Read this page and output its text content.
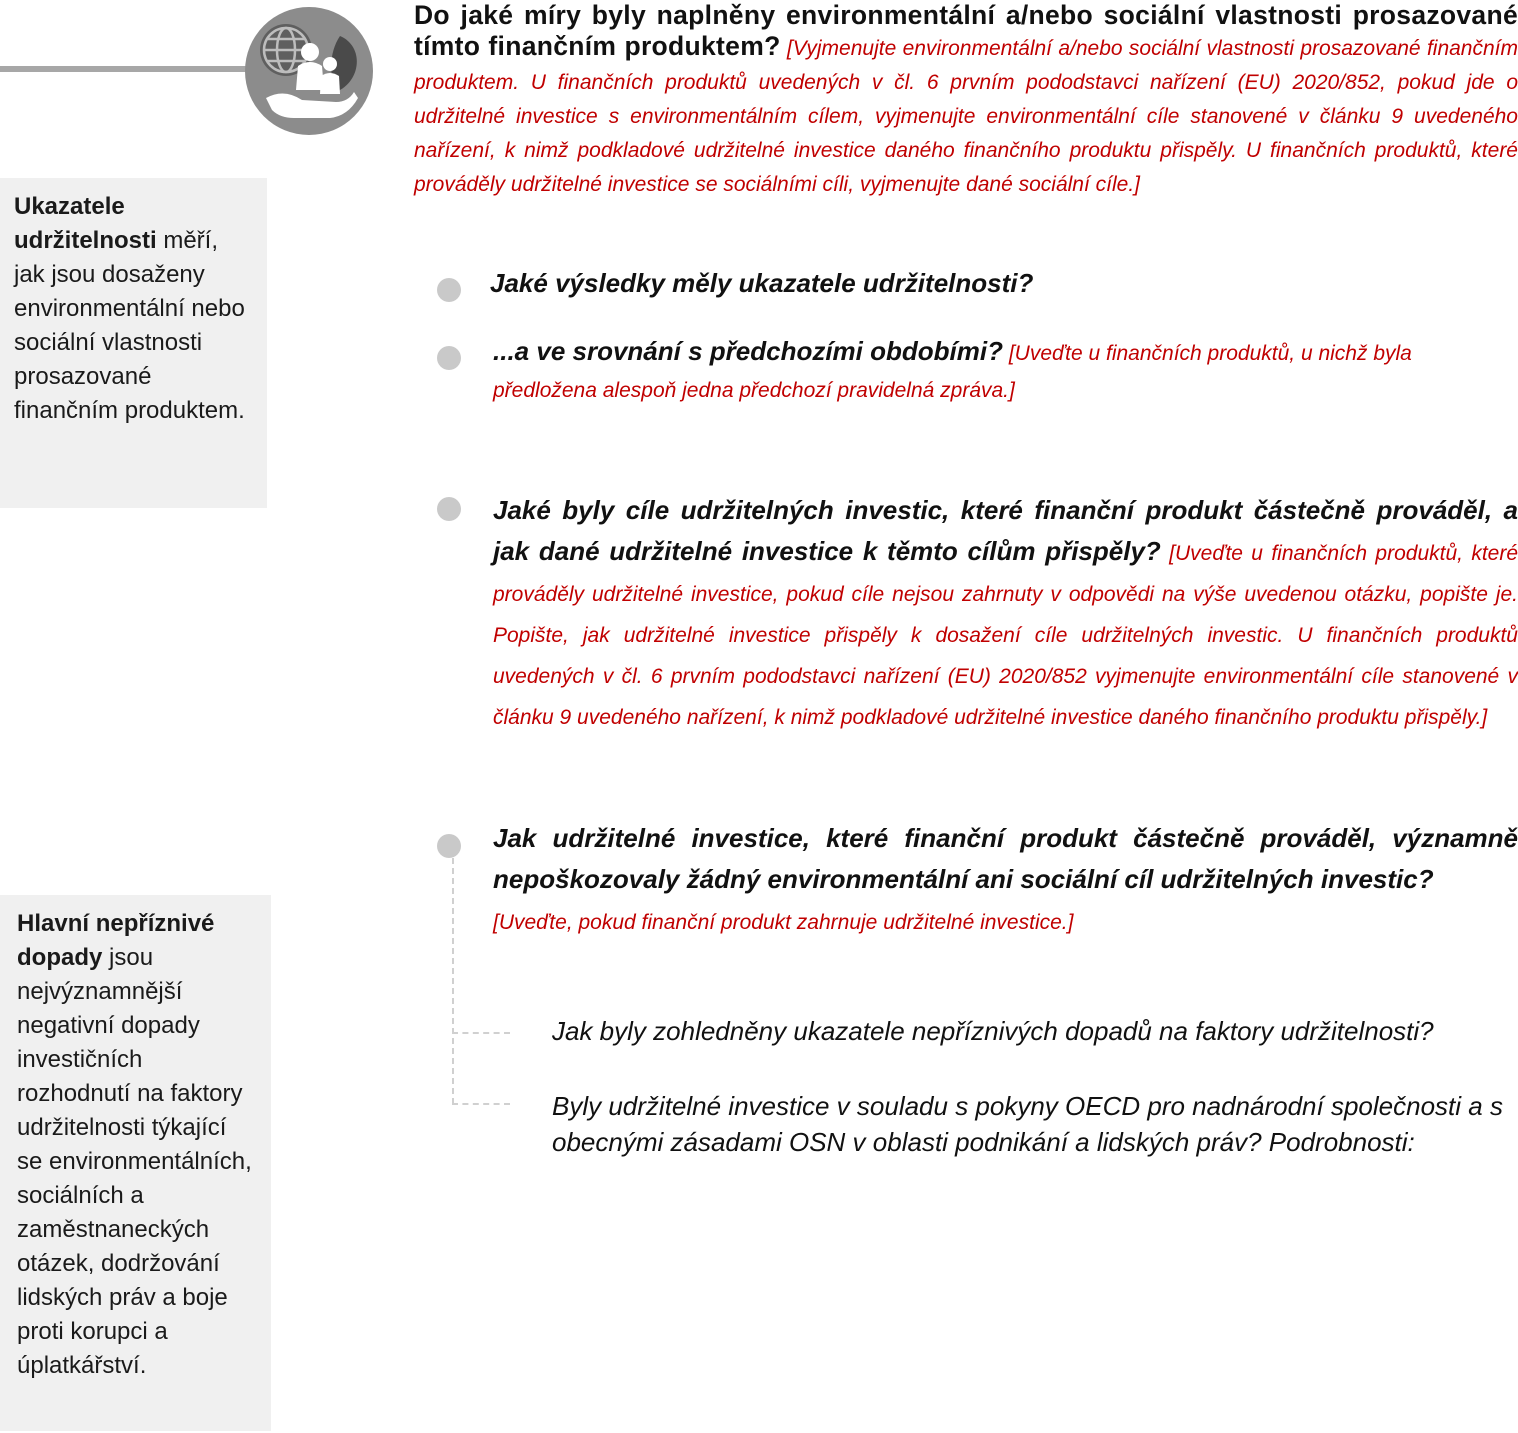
Ukazatele udržitelnosti měří, jak jsou dosaženy environmentální nebo sociální vlastnosti prosazované finančním produktem.
Hlavní nepříznivé dopady jsou nejvýznamnější negativní dopady investičních rozhodnutí na faktory udržitelnosti týkající se environmentálních, sociálních a zaměstnaneckých otázek, dodržování lidských práv a boje proti korupci a úplatkářství.
Do jaké míry byly naplněny environmentální a/nebo sociální vlastnosti prosazované tímto finančním produktem? [Vyjmenujte environmentální a/nebo sociální vlastnosti prosazované finančním produktem. U finančních produktů uvedených v čl. 6 prvním pododstavci nařízení (EU) 2020/852, pokud jde o udržitelné investice s environmentálním cílem, vyjmenujte environmentální cíle stanovené v článku 9 uvedeného nařízení, k nimž podkladové udržitelné investice daného finančního produktu přispěly. U finančních produktů, které prováděly udržitelné investice se sociálními cíli, vyjmenujte dané sociální cíle.]
Jaké výsledky měly ukazatele udržitelnosti?
...a ve srovnání s předchozími obdobími? [Uveďte u finančních produktů, u nichž byla předložena alespoň jedna předchozí pravidelná zpráva.]
Jaké byly cíle udržitelných investic, které finanční produkt částečně prováděl, a jak dané udržitelné investice k těmto cílům přispěly? [Uveďte u finančních produktů, které prováděly udržitelné investice, pokud cíle nejsou zahrnuty v odpovědi na výše uvedenou otázku, popište je. Popište, jak udržitelné investice přispěly k dosažení cíle udržitelných investic. U finančních produktů uvedených v čl. 6 prvním pododstavci nařízení (EU) 2020/852 vyjmenujte environmentální cíle stanovené v článku 9 uvedeného nařízení, k nimž podkladové udržitelné investice daného finančního produktu přispěly.]
Jak udržitelné investice, které finanční produkt částečně prováděl, významně nepoškozovaly žádný environmentální ani sociální cíl udržitelných investic?
[Uveďte, pokud finanční produkt zahrnuje udržitelné investice.]
Jak byly zohledněny ukazatele nepříznivých dopadů na faktory udržitelnosti?
Byly udržitelné investice v souladu s pokyny OECD pro nadnárodní společnosti a s obecnými zásadami OSN v oblasti podnikání a lidských práv? Podrobnosti:
